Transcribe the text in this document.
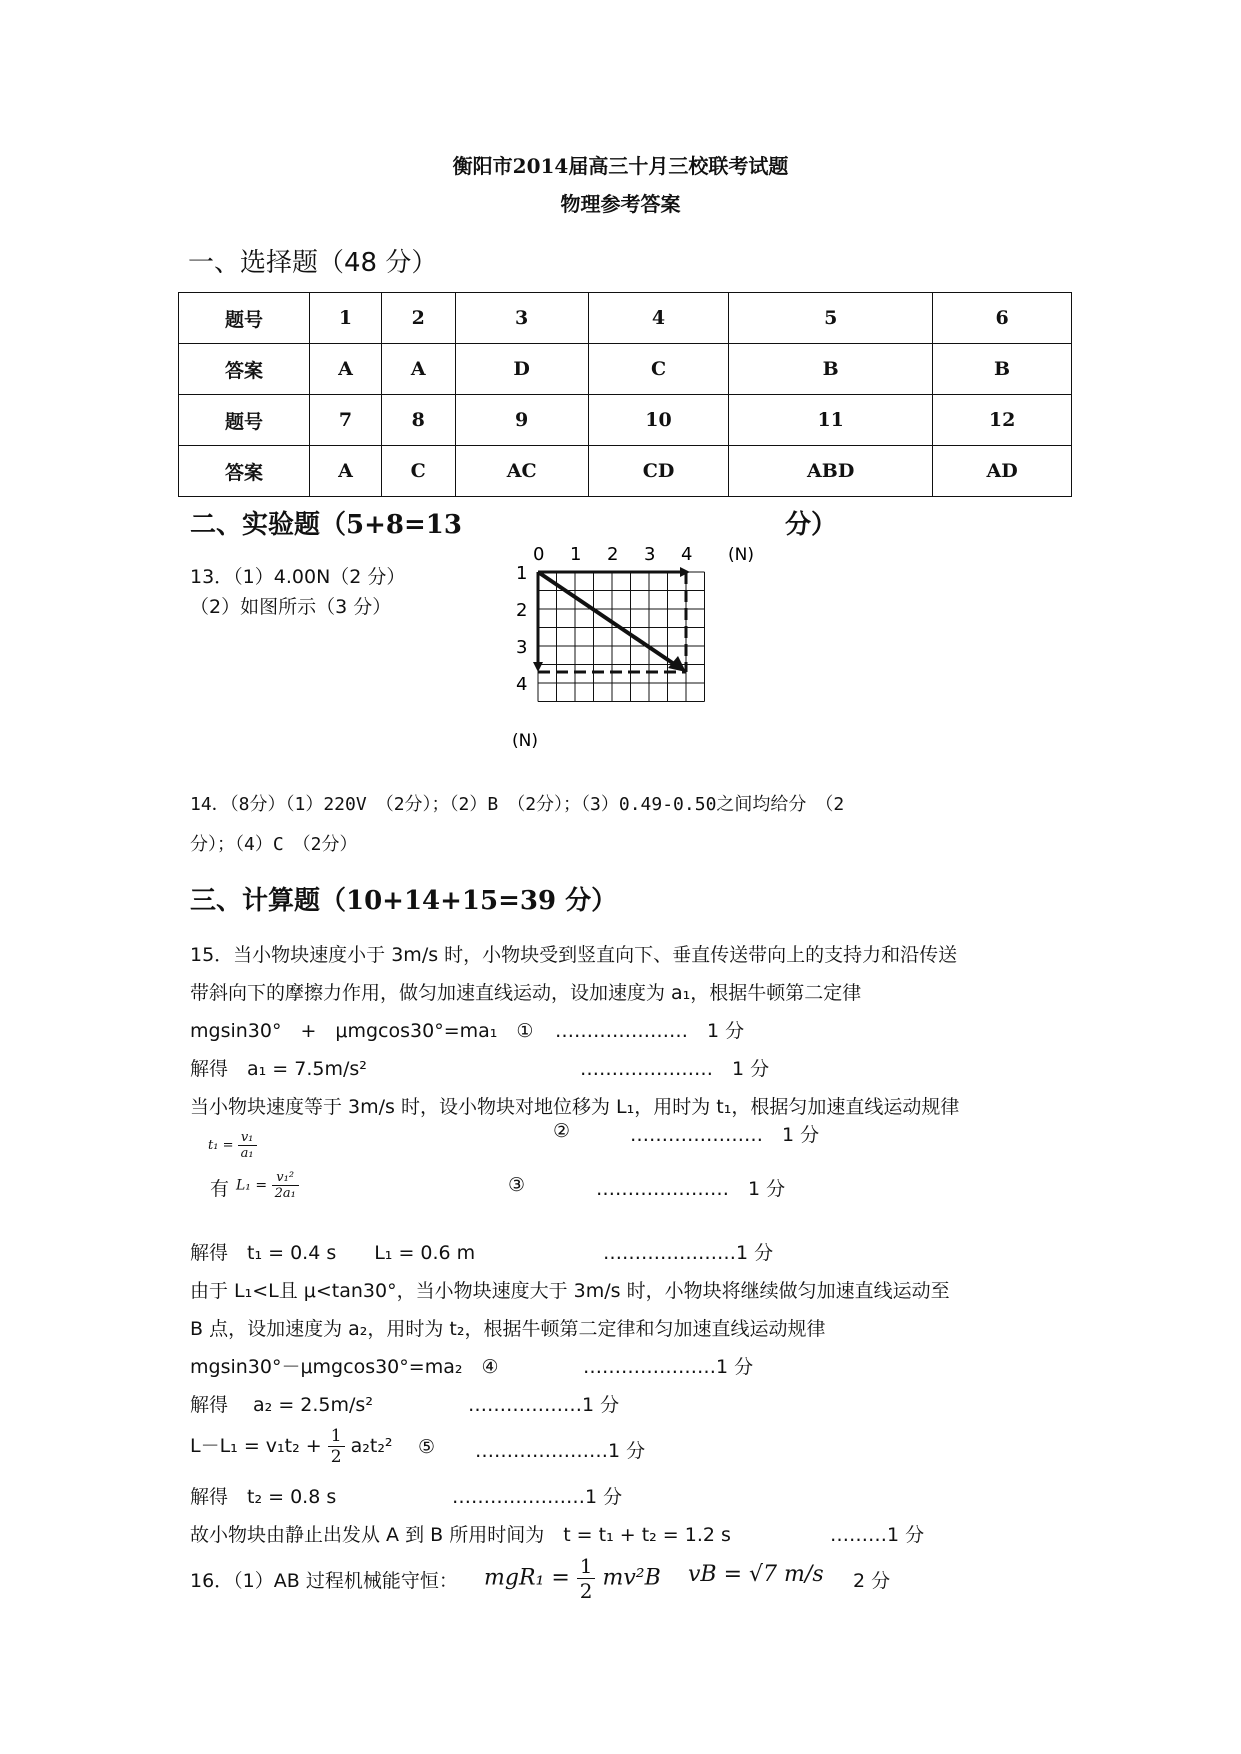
衡阳市2014届高三十月三校联考试题
物理参考答案
一、选择题（48 分）
题号	1	2	3	4	5	6
答案	A	A	D	C	B	B
题号	7	8	9	10	11	12
答案	A	C	AC	CD	ABD	AD
二、实验题（5+8=13	分）
13．（1）4.00N（2 分）
（2）如图所示（3 分）
0 1 2 3 4
1
2
3
4
(N)
(N)
14．（8分）（1）220V　（2分）；（2）B　（2分）；（3）0.49-0.50之间均给分　（2
分）；（4）C　（2分）
三、计算题（10+14+15=39 分）
15．当小物块速度小于 3m/s 时，小物块受到竖直向下、垂直传送带向上的支持力和沿传送
带斜向下的摩擦力作用，做匀加速直线运动，设加速度为 a₁，根据牛顿第二定律
mgsin30°　+　μmgcos30°=ma₁　① …………………　1 分
解得　a₁ = 7.5m/s²	…………………　1 分
当小物块速度等于 3m/s 时，设小物块对地位移为 L₁，用时为 t₁，根据匀加速直线运动规律
$t_1 = \frac{\text{v₁}}{\text{a₁}}$	②	…………………　1 分
有 $L_1 = \frac{\text{v₁²}}{\text{2a₁}}$	③	…………………　1 分
解得　t₁ = 0.4 s　　L₁ = 0.6 m	…………………1 分
由于 L₁<L且 μ<tan30°，当小物块速度大于 3m/s 时，小物块将继续做匀加速直线运动至
B 点，设加速度为 a₂，用时为 t₂，根据牛顿第二定律和匀加速直线运动规律
mgsin30°－μmgcos30°=ma₂　④	…………………1 分
解得　 a₂ = 2.5m/s²	………………1 分
$L-L_1 = v_1t_2 + \frac{1}{2} a_2t_2^2$ ⑤ …………………1 分
解得　t₂ = 0.8 s	…………………1 分
故小物块由静止出发从 A 到 B 所用时间为　t = t₁ + t₂ = 1.2 s	………1 分
16．（1）AB 过程机械能守恒： $mgR_1 = \frac{1}{2} mv^2B$ vB = √7 m/s 2 分
